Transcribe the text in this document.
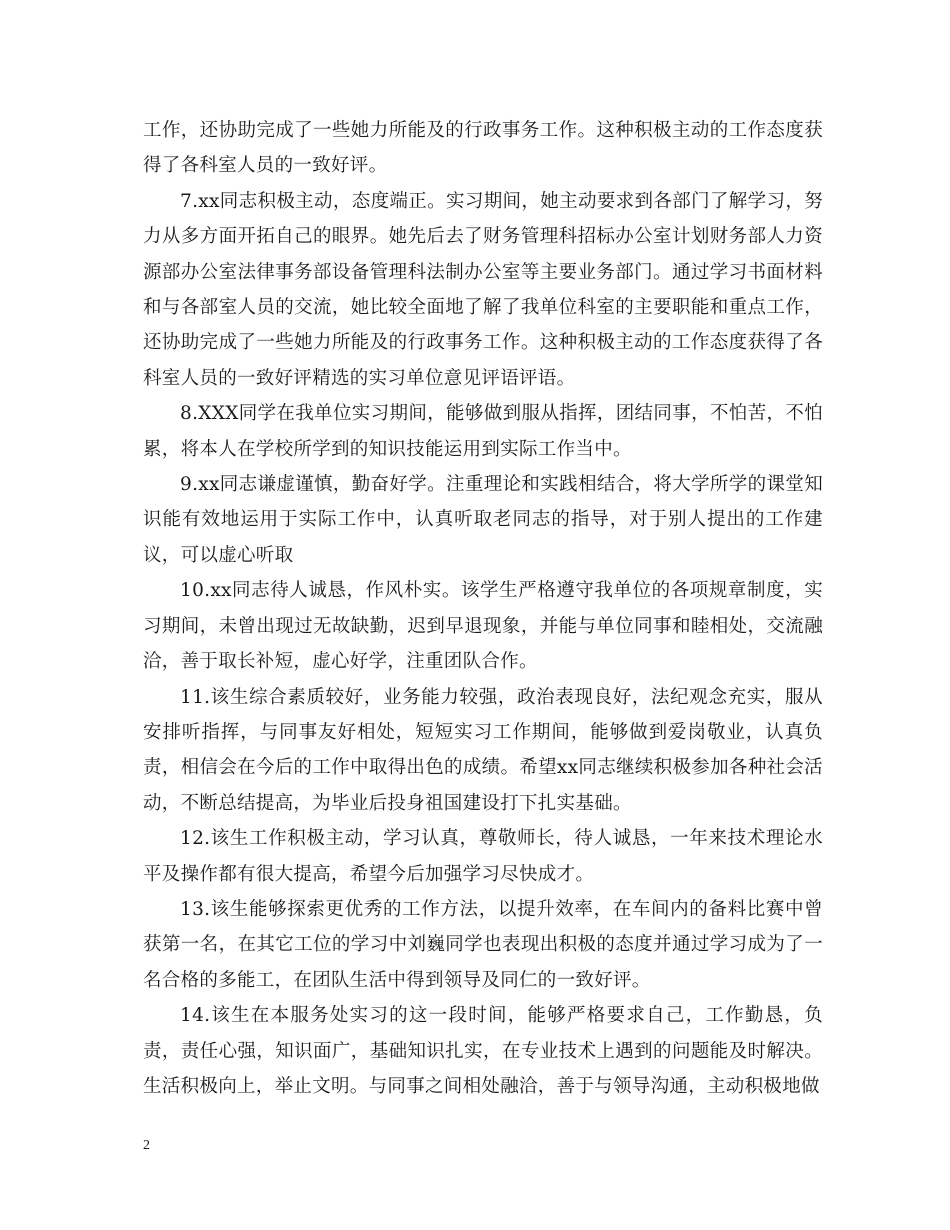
工作，还协助完成了一些她力所能及的行政事务工作。这种积极主动的工作态度获得了各科室人员的一致好评。

7.xx同志积极主动，态度端正。实习期间，她主动要求到各部门了解学习，努力从多方面开拓自己的眼界。她先后去了财务管理科招标办公室计划财务部人力资源部办公室法律事务部设备管理科法制办公室等主要业务部门。通过学习书面材料和与各部室人员的交流，她比较全面地了解了我单位科室的主要职能和重点工作，还协助完成了一些她力所能及的行政事务工作。这种积极主动的工作态度获得了各科室人员的一致好评精选的实习单位意见评语评语。

8.XXX同学在我单位实习期间，能够做到服从指挥，团结同事，不怕苦，不怕累，将本人在学校所学到的知识技能运用到实际工作当中。

9.xx同志谦虚谨慎，勤奋好学。注重理论和实践相结合，将大学所学的课堂知识能有效地运用于实际工作中，认真听取老同志的指导，对于别人提出的工作建议，可以虚心听取

10.xx同志待人诚恳，作风朴实。该学生严格遵守我单位的各项规章制度，实习期间，未曾出现过无故缺勤，迟到早退现象，并能与单位同事和睦相处，交流融洽，善于取长补短，虚心好学，注重团队合作。

11.该生综合素质较好，业务能力较强，政治表现良好，法纪观念充实，服从安排听指挥，与同事友好相处，短短实习工作期间，能够做到爱岗敬业，认真负责，相信会在今后的工作中取得出色的成绩。希望xx同志继续积极参加各种社会活动，不断总结提高，为毕业后投身祖国建设打下扎实基础。

12.该生工作积极主动，学习认真，尊敬师长，待人诚恳，一年来技术理论水平及操作都有很大提高，希望今后加强学习尽快成才。

13.该生能够探索更优秀的工作方法，以提升效率，在车间内的备料比赛中曾获第一名，在其它工位的学习中刘巍同学也表现出积极的态度并通过学习成为了一名合格的多能工，在团队生活中得到领导及同仁的一致好评。

14.该生在本服务处实习的这一段时间，能够严格要求自己，工作勤恳，负责，责任心强，知识面广，基础知识扎实，在专业技术上遇到的问题能及时解决。生活积极向上，举止文明。与同事之间相处融洽，善于与领导沟通，主动积极地做

2
